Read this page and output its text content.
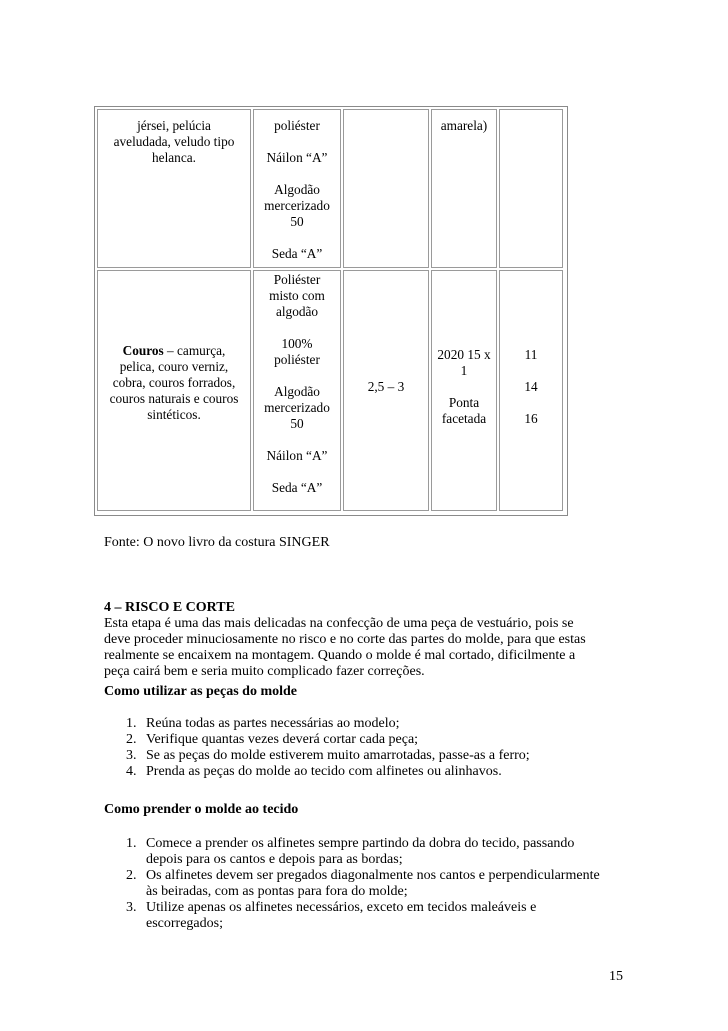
jérsei, pelúcia
aveludada, veludo tipo
helanca.
poliéster
Náilon “A”
Algodão
mercerizado
50
Seda “A”
amarela)
Couros – camurça,
pelica, couro verniz,
cobra, couros forrados,
couros naturais e couros
sintéticos.
Poliéster
misto com
algodão
100%
poliéster
Algodão
mercerizado
50
Náilon “A”
Seda “A”
2,5 – 3
2020 15 x
1
Ponta
facetada
11
14
16
Fonte: O novo livro da costura SINGER
4 – RISCO E CORTE
Esta etapa é uma das mais delicadas na confecção de uma peça de vestuário, pois se
deve proceder minuciosamente no risco e no corte das partes do molde, para que estas
realmente se encaixem na montagem. Quando o molde é mal cortado, dificilmente a
peça cairá bem e seria muito complicado fazer correções.
Como utilizar as peças do molde
1. Reúna todas as partes necessárias ao modelo;
2. Verifique quantas vezes deverá cortar cada peça;
3. Se as peças do molde estiverem muito amarrotadas, passe-as a ferro;
4. Prenda as peças do molde ao tecido com alfinetes ou alinhavos.
Como prender o molde ao tecido
1. Comece a prender os alfinetes sempre partindo da dobra do tecido, passando
depois para os cantos e depois para as bordas;
2. Os alfinetes devem ser pregados diagonalmente nos cantos e perpendicularmente
às beiradas, com as pontas para fora do molde;
3. Utilize apenas os alfinetes necessários, exceto em tecidos maleáveis e
escorregados;
15
